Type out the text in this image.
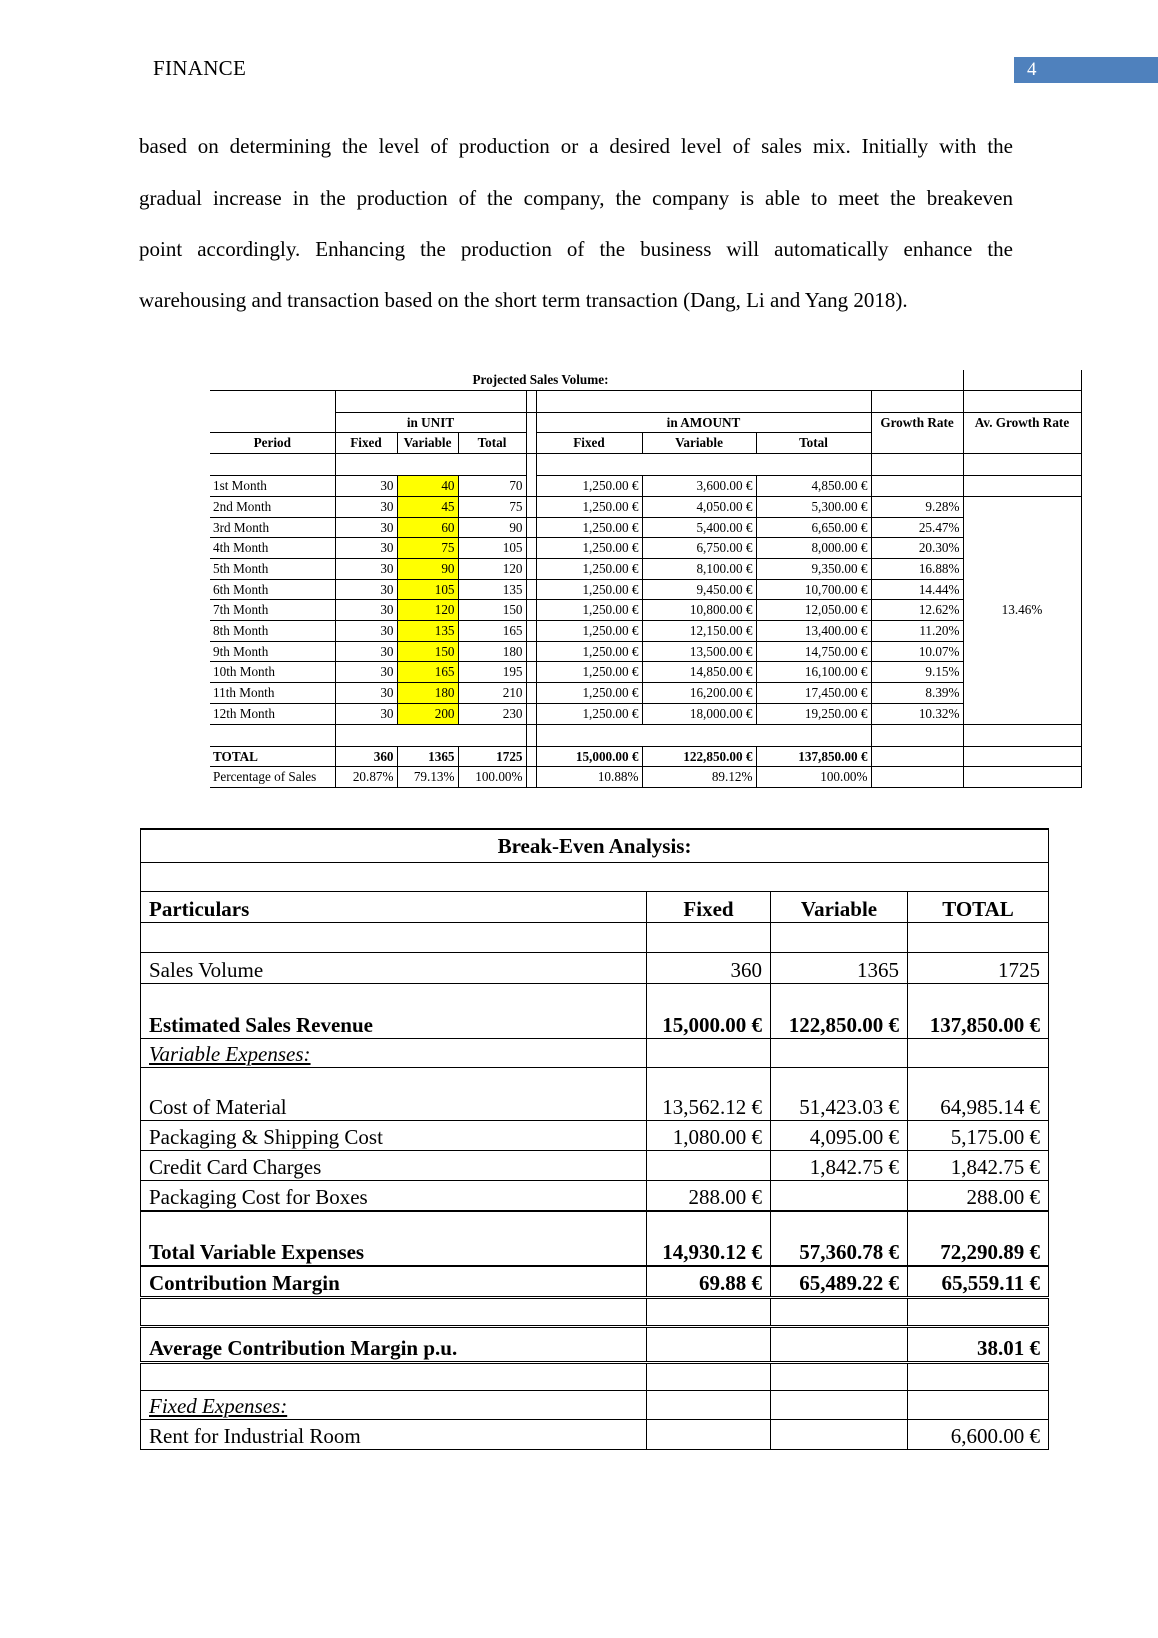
FINANCE	4
based on determining the level of production or a desired level of sales mix. Initially with the
gradual increase in the production of the company, the company is able to meet the breakeven
point accordingly. Enhancing the production of the business will automatically enhance the
warehousing and transaction based on the short term transaction (Dang, Li and Yang 2018).
Projected Sales Volume:									

	in UNIT				in AMOUNT			Growth Rate	Av. Growth Rate
Period	Fixed	Variable	Total		Fixed	Variable	Total		

1st Month	30	40	70		1,250.00 €	3,600.00 €	4,850.00 €		
2nd Month	30	45	75		1,250.00 €	4,050.00 €	5,300.00 €	9.28%	13.46%
3rd Month	30	60	90		1,250.00 €	5,400.00 €	6,650.00 €	25.47%	
4th Month	30	75	105		1,250.00 €	6,750.00 €	8,000.00 €	20.30%	
5th Month	30	90	120		1,250.00 €	8,100.00 €	9,350.00 €	16.88%	
6th Month	30	105	135		1,250.00 €	9,450.00 €	10,700.00 €	14.44%	
7th Month	30	120	150		1,250.00 €	10,800.00 €	12,050.00 €	12.62%	
8th Month	30	135	165		1,250.00 €	12,150.00 €	13,400.00 €	11.20%	
9th Month	30	150	180		1,250.00 €	13,500.00 €	14,750.00 €	10.07%	
10th Month	30	165	195		1,250.00 €	14,850.00 €	16,100.00 €	9.15%	
11th Month	30	180	210		1,250.00 €	16,200.00 €	17,450.00 €	8.39%	
12th Month	30	200	230		1,250.00 €	18,000.00 €	19,250.00 €	10.32%	

TOTAL	360	1365	1725		15,000.00 €	122,850.00 €	137,850.00 €		
Percentage of Sales	20.87%	79.13%	100.00%		10.88%	89.12%	100.00%		
Break-Even Analysis:			

Particulars	Fixed	Variable	TOTAL

Sales Volume	360	1365	1725
Estimated Sales Revenue	15,000.00 €	122,850.00 €	137,850.00 €
Variable Expenses:			
Cost of Material	13,562.12 €	51,423.03 €	64,985.14 €
Packaging & Shipping Cost	1,080.00 €	4,095.00 €	5,175.00 €
Credit Card Charges		1,842.75 €	1,842.75 €
Packaging Cost for Boxes	288.00 €		288.00 €
Total Variable Expenses	14,930.12 €	57,360.78 €	72,290.89 €
Contribution Margin	69.88 €	65,489.22 €	65,559.11 €

Average Contribution Margin p.u.			38.01 €

Fixed Expenses:			
Rent for Industrial Room			6,600.00 €
